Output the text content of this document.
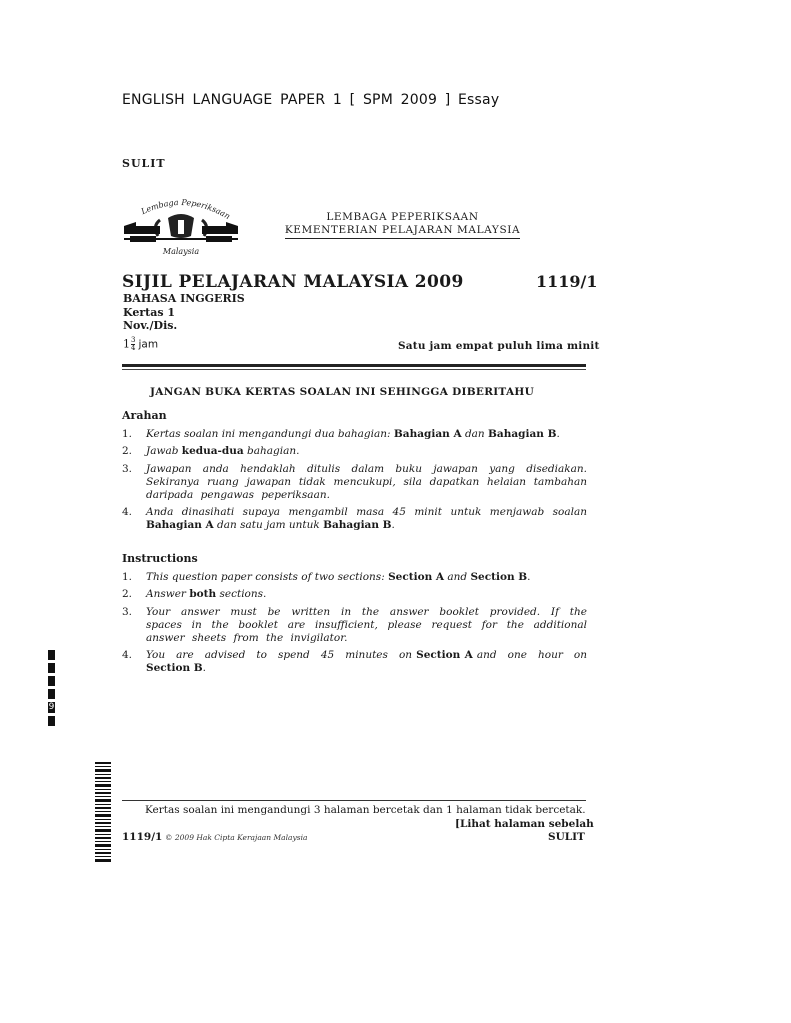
ENGLISH LANGUAGE PAPER 1 [ SPM 2009 ] Essay
SULIT
Lembaga Peperiksaan
Malaysia
LEMBAGA PEPERIKSAAN
KEMENTERIAN PELAJARAN MALAYSIA
SIJIL PELAJARAN MALAYSIA 2009	1119/1
BAHASA INGGERIS
Kertas 1
Nov./Dis.
$1 \frac{3}{4}$ jam	Satu jam empat puluh lima minit
JANGAN BUKA KERTAS SOALAN INI SEHINGGA DIBERITAHU
Arahan
1.	Kertas soalan ini mengandungi dua bahagian: Bahagian A dan Bahagian B.
2.	Jawab kedua-dua bahagian.
3.	Jawapan anda hendaklah ditulis dalam buku jawapan yang disediakan. Sekiranya ruang jawapan tidak mencukupi, sila dapatkan helaian tambahan daripada pengawas peperiksaan.
4.	Anda dinasihati supaya mengambil masa 45 minit untuk menjawab soalan Bahagian A dan satu jam untuk Bahagian B.
Instructions
1.	This question paper consists of two sections: Section A and Section B.
2.	Answer both sections.
3.	Your answer must be written in the answer booklet provided. If the spaces in the booklet are insufficient, please request for the additional answer sheets from the invigilator.
4.	You are advised to spend 45 minutes on Section A and one hour on Section B.
9
Kertas soalan ini mengandungi 3 halaman bercetak dan 1 halaman tidak bercetak.
[Lihat halaman sebelah
1119/1 © 2009 Hak Cipta Kerajaan Malaysia	SULIT
